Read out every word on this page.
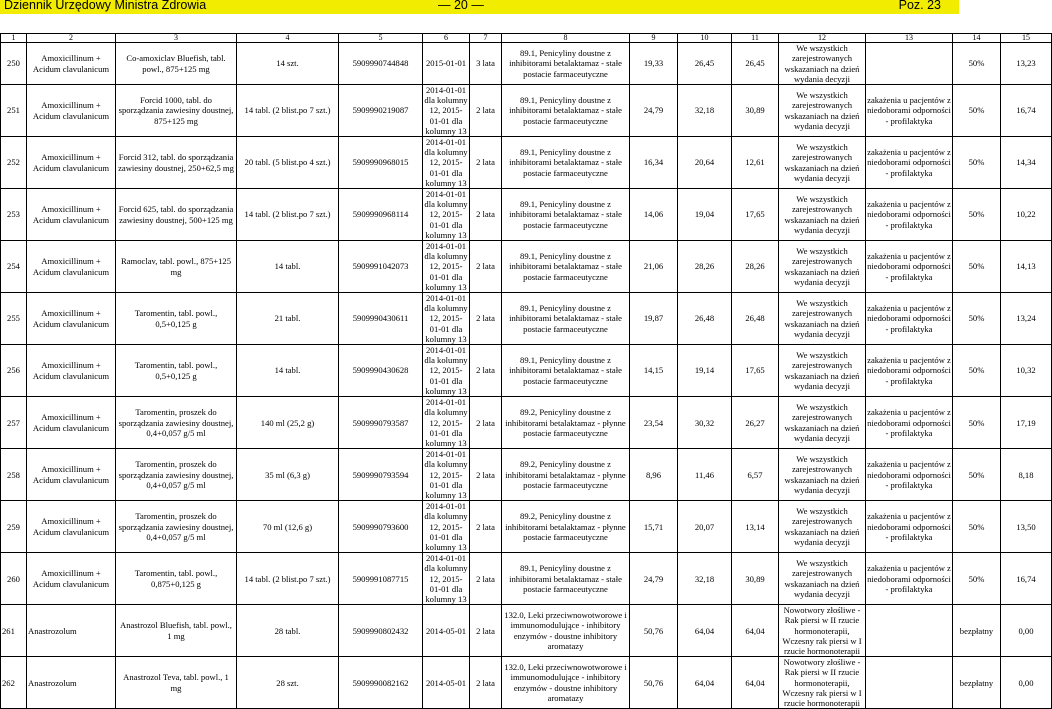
Dziennik Urzędowy Ministra Zdrowia	— 20 —	Poz. 23
1	2	3	4	5	6	7	8	9	10	11	12	13	14	15
250	Amoxicillinum + Acidum clavulanicum	Co-amoxiclav Bluefish, tabl. powl., 875+125 mg	14 szt.	5909990744848	2015-01-01	3 lata	89.1, Penicyliny doustne z inhibitorami betalaktamaz - stałe postacie farmaceutyczne	19,33	26,45	26,45	We wszystkich zarejestrowanych wskazaniach na dzień wydania decyzji		50%	13,23
251	Amoxicillinum + Acidum clavulanicum	Forcid 1000, tabl. do sporządzania zawiesiny doustnej, 875+125 mg	14 tabl. (2 blist.po 7 szt.)	5909990219087	2014-01-01 dla kolumny 12, 2015-01-01 dla kolumny 13	2 lata	89.1, Penicyliny doustne z inhibitorami betalaktamaz - stałe postacie farmaceutyczne	24,79	32,18	30,89	We wszystkich zarejestrowanych wskazaniach na dzień wydania decyzji	zakażenia u pacjentów z niedoborami odporności - profilaktyka	50%	16,74
252	Amoxicillinum + Acidum clavulanicum	Forcid 312, tabl. do sporządzania zawiesiny doustnej, 250+62,5 mg	20 tabl. (5 blist.po 4 szt.)	5909990968015	2014-01-01 dla kolumny 12, 2015-01-01 dla kolumny 13	2 lata	89.1, Penicyliny doustne z inhibitorami betalaktamaz - stałe postacie farmaceutyczne	16,34	20,64	12,61	We wszystkich zarejestrowanych wskazaniach na dzień wydania decyzji	zakażenia u pacjentów z niedoborami odporności - profilaktyka	50%	14,34
253	Amoxicillinum + Acidum clavulanicum	Forcid 625, tabl. do sporządzania zawiesiny doustnej, 500+125 mg	14 tabl. (2 blist.po 7 szt.)	5909990968114	2014-01-01 dla kolumny 12, 2015-01-01 dla kolumny 13	2 lata	89.1, Penicyliny doustne z inhibitorami betalaktamaz - stałe postacie farmaceutyczne	14,06	19,04	17,65	We wszystkich zarejestrowanych wskazaniach na dzień wydania decyzji	zakażenia u pacjentów z niedoborami odporności - profilaktyka	50%	10,22
254	Amoxicillinum + Acidum clavulanicum	Ramoclav, tabl. powl., 875+125 mg	14 tabl.	5909991042073	2014-01-01 dla kolumny 12, 2015-01-01 dla kolumny 13	2 lata	89.1, Penicyliny doustne z inhibitorami betalaktamaz - stałe postacie farmaceutyczne	21,06	28,26	28,26	We wszystkich zarejestrowanych wskazaniach na dzień wydania decyzji	zakażenia u pacjentów z niedoborami odporności - profilaktyka	50%	14,13
255	Amoxicillinum + Acidum clavulanicum	Taromentin, tabl. powl., 0,5+0,125 g	21 tabl.	5909990430611	2014-01-01 dla kolumny 12, 2015-01-01 dla kolumny 13	2 lata	89.1, Penicyliny doustne z inhibitorami betalaktamaz - stałe postacie farmaceutyczne	19,87	26,48	26,48	We wszystkich zarejestrowanych wskazaniach na dzień wydania decyzji	zakażenia u pacjentów z niedoborami odporności - profilaktyka	50%	13,24
256	Amoxicillinum + Acidum clavulanicum	Taromentin, tabl. powl., 0,5+0,125 g	14 tabl.	5909990430628	2014-01-01 dla kolumny 12, 2015-01-01 dla kolumny 13	2 lata	89.1, Penicyliny doustne z inhibitorami betalaktamaz - stałe postacie farmaceutyczne	14,15	19,14	17,65	We wszystkich zarejestrowanych wskazaniach na dzień wydania decyzji	zakażenia u pacjentów z niedoborami odporności - profilaktyka	50%	10,32
257	Amoxicillinum + Acidum clavulanicum	Taromentin, proszek do sporządzania zawiesiny doustnej, 0,4+0,057 g/5 ml	140 ml (25,2 g)	5909990793587	2014-01-01 dla kolumny 12, 2015-01-01 dla kolumny 13	2 lata	89.2, Penicyliny doustne z inhibitorami betalaktamaz - płynne postacie farmaceutyczne	23,54	30,32	26,27	We wszystkich zarejestrowanych wskazaniach na dzień wydania decyzji	zakażenia u pacjentów z niedoborami odporności - profilaktyka	50%	17,19
258	Amoxicillinum + Acidum clavulanicum	Taromentin, proszek do sporządzania zawiesiny doustnej, 0,4+0,057 g/5 ml	35 ml (6,3 g)	5909990793594	2014-01-01 dla kolumny 12, 2015-01-01 dla kolumny 13	2 lata	89.2, Penicyliny doustne z inhibitorami betalaktamaz - płynne postacie farmaceutyczne	8,96	11,46	6,57	We wszystkich zarejestrowanych wskazaniach na dzień wydania decyzji	zakażenia u pacjentów z niedoborami odporności - profilaktyka	50%	8,18
259	Amoxicillinum + Acidum clavulanicum	Taromentin, proszek do sporządzania zawiesiny doustnej, 0,4+0,057 g/5 ml	70 ml (12,6 g)	5909990793600	2014-01-01 dla kolumny 12, 2015-01-01 dla kolumny 13	2 lata	89.2, Penicyliny doustne z inhibitorami betalaktamaz - płynne postacie farmaceutyczne	15,71	20,07	13,14	We wszystkich zarejestrowanych wskazaniach na dzień wydania decyzji	zakażenia u pacjentów z niedoborami odporności - profilaktyka	50%	13,50
260	Amoxicillinum + Acidum clavulanicum	Taromentin, tabl. powl., 0,875+0,125 g	14 tabl. (2 blist.po 7 szt.)	5909991087715	2014-01-01 dla kolumny 12, 2015-01-01 dla kolumny 13	2 lata	89.1, Penicyliny doustne z inhibitorami betalaktamaz - stałe postacie farmaceutyczne	24,79	32,18	30,89	We wszystkich zarejestrowanych wskazaniach na dzień wydania decyzji	zakażenia u pacjentów z niedoborami odporności - profilaktyka	50%	16,74
261	Anastrozolum	Anastrozol Bluefish, tabl. powl., 1 mg	28 tabl.	5909990802432	2014-05-01	2 lata	132.0, Leki przeciwnowotworowe i immunomodulujące - inhibitory enzymów - doustne inhibitory aromatazy	50,76	64,04	64,04	Nowotwory złośliwe - Rak piersi w II rzucie hormonoterapii, Wczesny rak piersi w I rzucie hormonoterapii		bezpłatny	0,00
262	Anastrozolum	Anastrozol Teva, tabl. powl., 1 mg	28 szt.	5909990082162	2014-05-01	2 lata	132.0, Leki przeciwnowotworowe i immunomodulujące - inhibitory enzymów - doustne inhibitory aromatazy	50,76	64,04	64,04	Nowotwory złośliwe - Rak piersi w II rzucie hormonoterapii, Wczesny rak piersi w I rzucie hormonoterapii		bezpłatny	0,00
